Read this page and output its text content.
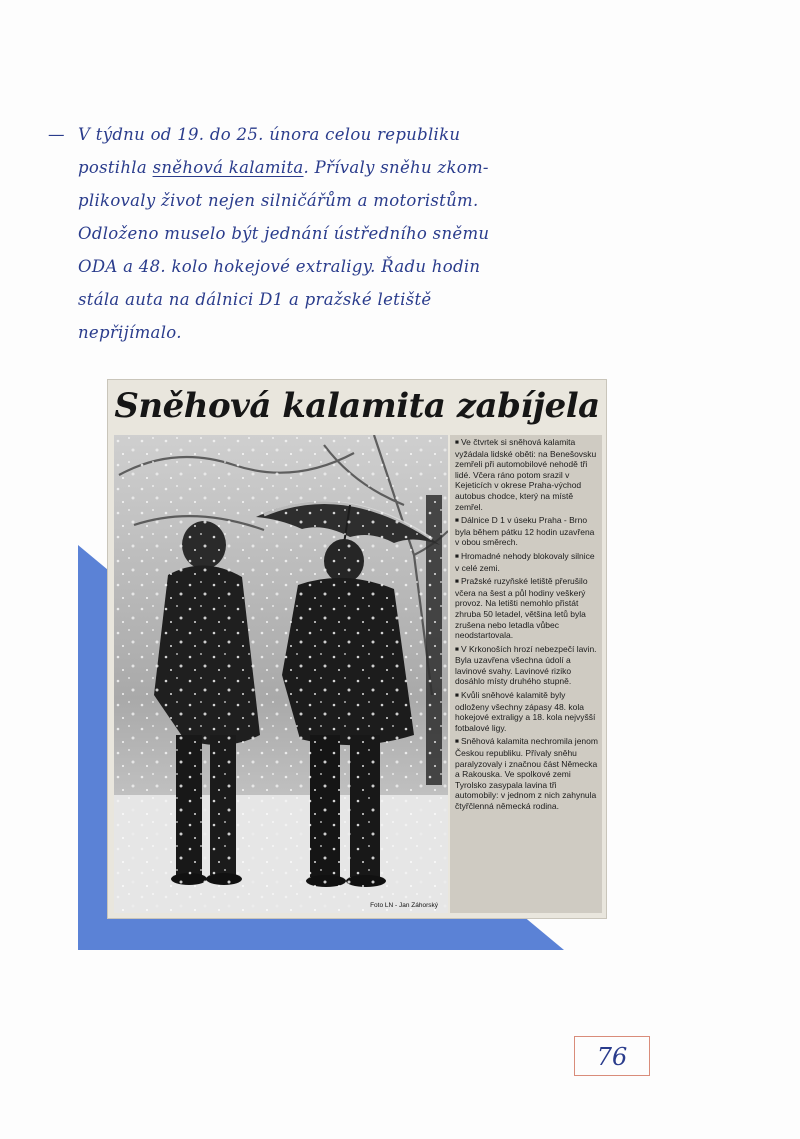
— V týdnu od 19. do 25. února celou republiku
postihla sněhová kalamita. Přívaly sněhu zkom-
plikovaly život nejen silničářům a motoristům.
Odloženo muselo být jednání ústředního sněmu
ODA a 48. kolo hokejové extraligy. Řadu hodin
stála auta na dálnici D1 a pražské letiště
nepřijímalo.
Sněhová kalamita zabíjela
Foto LN - Jan Záhorský
■ Ve čtvrtek si sněhová kalamita vyžádala lidské oběti: na Benešovsku zemřeli při automobilové nehodě tři lidé. Včera ráno potom srazil v Kejeticích v okrese Praha-východ autobus chodce, který na místě zemřel.
■ Dálnice D 1 v úseku Praha - Brno byla během pátku 12 hodin uzavřena v obou směrech.
■ Hromadné nehody blokovaly silnice v celé zemi.
■ Pražské ruzyňské letiště přerušilo včera na šest a půl hodiny veškerý provoz. Na letišti nemohlo přistát zhruba 50 letadel, většina letů byla zrušena nebo letadla vůbec neodstartovala.
■ V Krkonoších hrozí nebezpečí lavin. Byla uzavřena všechna údolí a lavinové svahy. Lavinové riziko dosáhlo místy druhého stupně.
■ Kvůli sněhové kalamitě byly odloženy všechny zápasy 48. kola hokejové extraligy a 18. kola nejvyšší fotbalové ligy.
■ Sněhová kalamita nechromila jenom Českou republiku. Přívaly sněhu paralyzovaly i značnou část Německa a Rakouska. Ve spolkové zemi Tyrolsko zasypala lavina tři automobily: v jednom z nich zahynula čtyřčlenná německá rodina.
76
